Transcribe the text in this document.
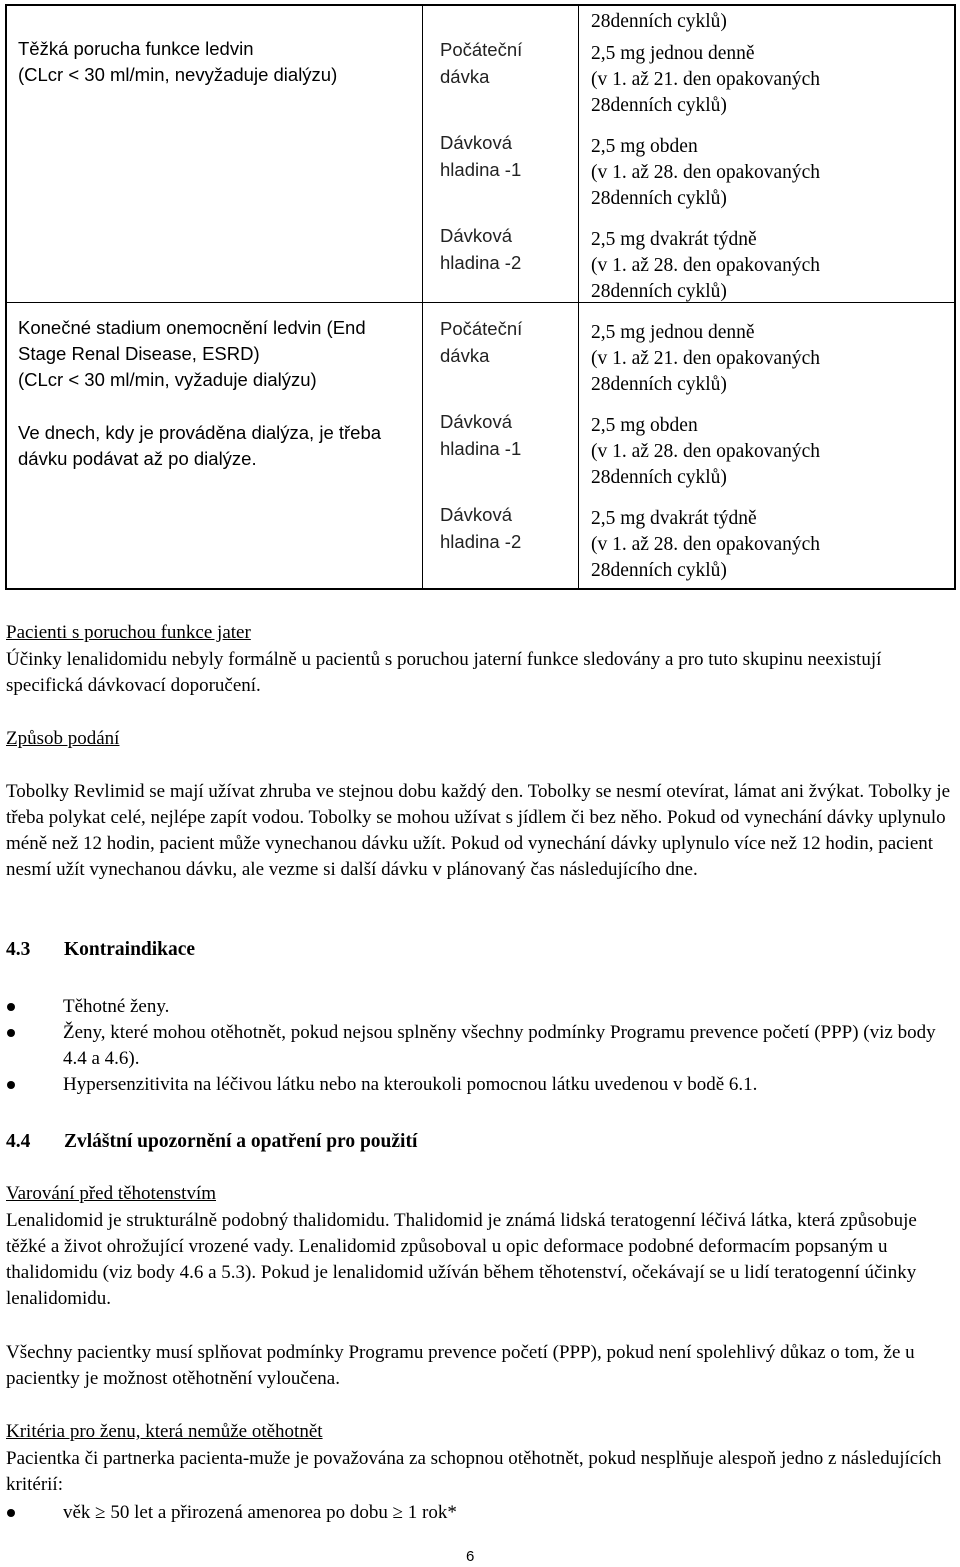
Těžká porucha funkce ledvin
(CLcr < 30 ml/min, nevyžaduje dialýzu)
Konečné stadium onemocnění ledvin (End Stage Renal Disease, ESRD)
(CLcr < 30 ml/min, vyžaduje dialýzu)
Ve dnech, kdy je prováděna dialýza, je třeba dávku podávat až po dialýze.
Počáteční
dávka
Dávková
hladina -1
Dávková
hladina -2
Počáteční
dávka
Dávková
hladina -1
Dávková
hladina -2
28denních cyklů)
2,5 mg jednou denně
(v 1. až 21. den opakovaných
28denních cyklů)
2,5 mg obden
(v 1. až 28. den opakovaných
28denních cyklů)
2,5 mg dvakrát týdně
(v 1. až 28. den opakovaných
28denních cyklů)
2,5 mg jednou denně
(v 1. až 21. den opakovaných
28denních cyklů)
2,5 mg obden
(v 1. až 28. den opakovaných
28denních cyklů)
2,5 mg dvakrát týdně
(v 1. až 28. den opakovaných
28denních cyklů)
Pacienti s poruchou funkce jater
Účinky lenalidomidu nebyly formálně u pacientů s poruchou jaterní funkce sledovány a pro tuto skupinu neexistují specifická dávkovací doporučení.
Způsob podání
Tobolky Revlimid se mají užívat zhruba ve stejnou dobu každý den. Tobolky se nesmí otevírat, lámat ani žvýkat. Tobolky je třeba polykat celé, nejlépe zapít vodou. Tobolky se mohou užívat s jídlem či bez něho. Pokud od vynechání dávky uplynulo méně než 12 hodin, pacient může vynechanou dávku užít. Pokud od vynechání dávky uplynulo více než 12 hodin, pacient nesmí užít vynechanou dávku, ale vezme si další dávku v plánovaný čas následujícího dne.
4.3 Kontraindikace
Těhotné ženy.
Ženy, které mohou otěhotnět, pokud nejsou splněny všechny podmínky Programu prevence početí (PPP) (viz body 4.4 a 4.6).
Hypersenzitivita na léčivou látku nebo na kteroukoli pomocnou látku uvedenou v bodě 6.1.
4.4 Zvláštní upozornění a opatření pro použití
Varování před těhotenstvím
Lenalidomid je strukturálně podobný thalidomidu. Thalidomid je známá lidská teratogenní léčivá látka, která způsobuje těžké a život ohrožující vrozené vady. Lenalidomid způsoboval u opic deformace podobné deformacím popsaným u thalidomidu (viz body 4.6 a 5.3). Pokud je lenalidomid užíván během těhotenství, očekávají se u lidí teratogenní účinky lenalidomidu.
Všechny pacientky musí splňovat podmínky Programu prevence početí (PPP), pokud není spolehlivý důkaz o tom, že u pacientky je možnost otěhotnění vyloučena.
Kritéria pro ženu, která nemůže otěhotnět
Pacientka či partnerka pacienta-muže je považována za schopnou otěhotnět, pokud nesplňuje alespoň jedno z následujících kritérií:
věk ≥ 50 let a přirozená amenorea po dobu ≥ 1 rok*
6
